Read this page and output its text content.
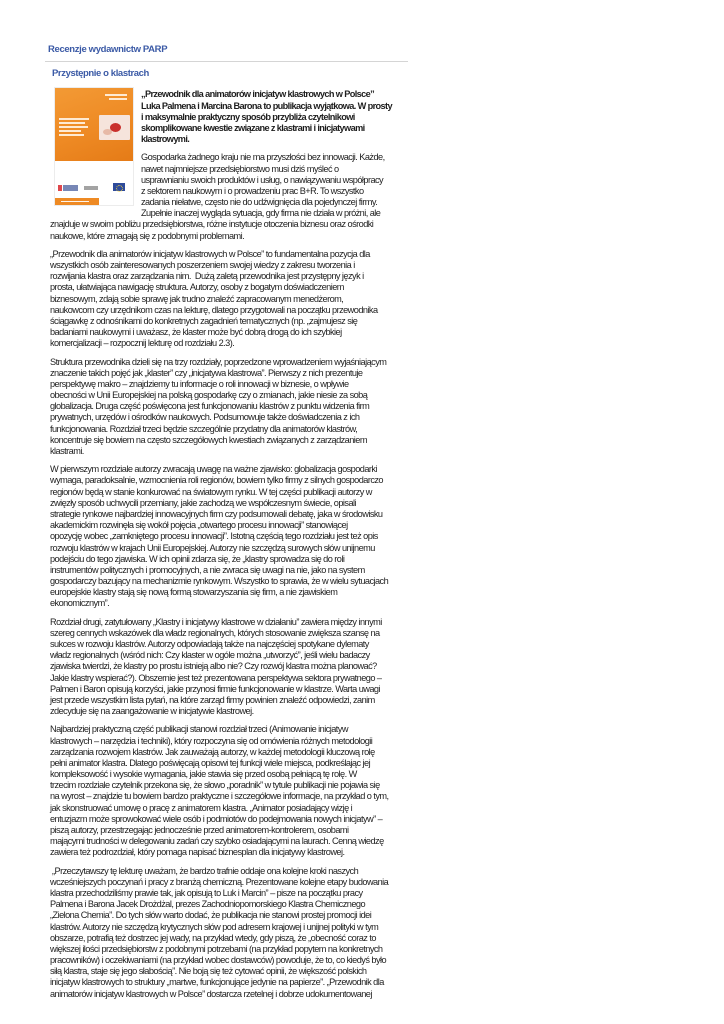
Recenzje wydawnictw PARP
Przystępnie o klastrach
„Przewodnik dla animatorów inicjatyw klastrowych w Polsce”
Luka Palmena i Marcina Barona to publikacja wyjątkowa. W prosty
i maksymalnie praktyczny sposób przybliża czytelnikowi
skomplikowane kwestie związane z klastrami i inicjatywami
klastrowymi.
Gospodarka żadnego kraju nie ma przyszłości bez innowacji. Każde,
nawet najmniejsze przedsiębiorstwo musi dziś myśleć o
usprawnianiu swoich produktów i usług, o nawiązywaniu współpracy
z sektorem naukowym i o prowadzeniu prac B+R. To wszystko
zadania niełatwe, często nie do udźwignięcia dla pojedynczej firmy.
Zupełnie inaczej wygląda sytuacja, gdy firma nie działa w próżni, ale
znajduje w swoim pobliżu przedsiębiorstwa, różne instytucje otoczenia biznesu oraz ośrodki
naukowe, które zmagają się z podobnymi problemami.
„Przewodnik dla animatorów inicjatyw klastrowych w Polsce” to fundamentalna pozycja dla
wszystkich osób zainteresowanych poszerzeniem swojej wiedzy z zakresu tworzenia i
rozwijania klastra oraz zarządzania nim.  Dużą zaletą przewodnika jest przystępny język i
prosta, ułatwiająca nawigację struktura. Autorzy, osoby z bogatym doświadczeniem
biznesowym, zdają sobie sprawę jak trudno znaleźć zapracowanym menedżerom,
naukowcom czy urzędnikom czas na lekturę, dlatego przygotowali na początku przewodnika
ściągawkę z odnośnikami do konkretnych zagadnień tematycznych (np. „zajmujesz się
badaniami naukowymi i uważasz, że klaster może być dobrą drogą do ich szybkiej
komercjalizacji – rozpocznij lekturę od rozdziału 2.3).
Struktura przewodnika dzieli się na trzy rozdziały, poprzedzone wprowadzeniem wyjaśniającym
znaczenie takich pojęć jak „klaster” czy „inicjatywa klastrowa”. Pierwszy z nich prezentuje
perspektywę makro – znajdziemy tu informacje o roli innowacji w biznesie, o wpływie
obecności w Unii Europejskiej na polską gospodarkę czy o zmianach, jakie niesie za sobą
globalizacja. Druga część poświęcona jest funkcjonowaniu klastrów z punktu widzenia firm
prywatnych, urzędów i ośrodków naukowych. Podsumowuje także doświadczenia z ich
funkcjonowania. Rozdział trzeci będzie szczególnie przydatny dla animatorów klastrów,
koncentruje się bowiem na często szczegółowych kwestiach związanych z zarządzaniem
klastrami.
W pierwszym rozdziale autorzy zwracają uwagę na ważne zjawisko: globalizacja gospodarki
wymaga, paradoksalnie, wzmocnienia roli regionów, bowiem tylko firmy z silnych gospodarczo
regionów będą w stanie konkurować na światowym rynku. W tej części publikacji autorzy w
zwięzły sposób uchwycili przemiany, jakie zachodzą we współczesnym świecie, opisali
strategie rynkowe najbardziej innowacyjnych firm czy podsumowali debatę, jaka w środowisku
akademickim rozwinęła się wokół pojęcia „otwartego procesu innowacji” stanowiącej
opozycję wobec „zamkniętego procesu innowacji”. Istotną częścią tego rozdziału jest też opis
rozwoju klastrów w krajach Unii Europejskiej. Autorzy nie szczędzą surowych słów unijnemu
podejściu do tego zjawiska. W ich opinii zdarza się, że „klastry sprowadza się do roli
instrumentów politycznych i promocyjnych, a nie zwraca się uwagi na nie, jako na system
gospodarczy bazujący na mechanizmie rynkowym. Wszystko to sprawia, że w wielu sytuacjach
europejskie klastry stają się nową formą stowarzyszania się firm, a nie zjawiskiem
ekonomicznym”.
Rozdział drugi, zatytułowany „Klastry i inicjatywy klastrowe w działaniu” zawiera między innymi
szereg cennych wskazówek dla władz regionalnych, których stosowanie zwiększa szansę na
sukces w rozwoju klastrów. Autorzy odpowiadają także na najczęściej spotykane dylematy
władz regionalnych (wśród nich: Czy klaster w ogóle można „utworzyć”, jeśli wielu badaczy
zjawiska twierdzi, że klastry po prostu istnieją albo nie? Czy rozwój klastra można planować?
Jakie klastry wspierać?). Obszernie jest też prezentowana perspektywa sektora prywatnego –
Palmen i Baron opisują korzyści, jakie przynosi firmie funkcjonowanie w klastrze. Warta uwagi
jest przede wszystkim lista pytań, na które zarząd firmy powinien znaleźć odpowiedzi, zanim
zdecyduje się na zaangażowanie w inicjatywie klastrowej.
Najbardziej praktyczną część publikacji stanowi rozdział trzeci (Animowanie inicjatyw
klastrowych – narzędzia i techniki), który rozpoczyna się od omówienia różnych metodologii
zarządzania rozwojem klastrów. Jak zauważają autorzy, w każdej metodologii kluczową rolę
pełni animator klastra. Dlatego poświęcają opisowi tej funkcji wiele miejsca, podkreślając jej
kompleksowość i wysokie wymagania, jakie stawia się przed osobą pełniącą tę rolę. W
trzecim rozdziale czytelnik przekona się, że słowo „poradnik” w tytule publikacji nie pojawia się
na wyrost – znajdzie tu bowiem bardzo praktyczne i szczegółowe informacje, na przykład o tym,
jak skonstruować umowę o pracę z animatorem klastra. „Animator posiadający wizję i
entuzjazm może sprowokować wiele osób i podmiotów do podejmowania nowych inicjatyw” –
piszą autorzy, przestrzegając jednocześnie przed animatorem-kontrolerem, osobami
mającymi trudności w delegowaniu zadań czy szybko osiadającymi na laurach. Cenną wiedzę
zawiera też podrozdział, który pomaga napisać biznesplan dla inicjatywy klastrowej.
„Przeczytawszy tę lekturę uważam, że bardzo trafnie oddaje ona kolejne kroki naszych
wcześniejszych poczynań i pracy z branżą chemiczną. Prezentowane kolejne etapy budowania
klastra przechodziliśmy prawie tak, jak opisują to Luk i Marcin” – pisze na początku pracy
Palmena i Barona Jacek Drożdżal, prezes Zachodniopomorskiego Klastra Chemicznego
„Zielona Chemia”. Do tych słów warto dodać, że publikacja nie stanowi prostej promocji idei
klastrów. Autorzy nie szczędzą krytycznych słów pod adresem krajowej i unijnej polityki w tym
obszarze, potrafią też dostrzec jej wady, na przykład wtedy, gdy piszą, że „obecność coraz to
większej ilości przedsiębiorstw z podobnymi potrzebami (na przykład popytem na konkretnych
pracowników) i oczekiwaniami (na przykład wobec dostawców) powoduje, że to, co kiedyś było
siłą klastra, staje się jego słabością”. Nie boją się też cytować opinii, że większość polskich
inicjatyw klastrowych to struktury „martwe, funkcjonujące jedynie na papierze”. „Przewodnik dla
animatorów inicjatyw klastrowych w Polsce” dostarcza rzetelnej i dobrze udokumentowanej
